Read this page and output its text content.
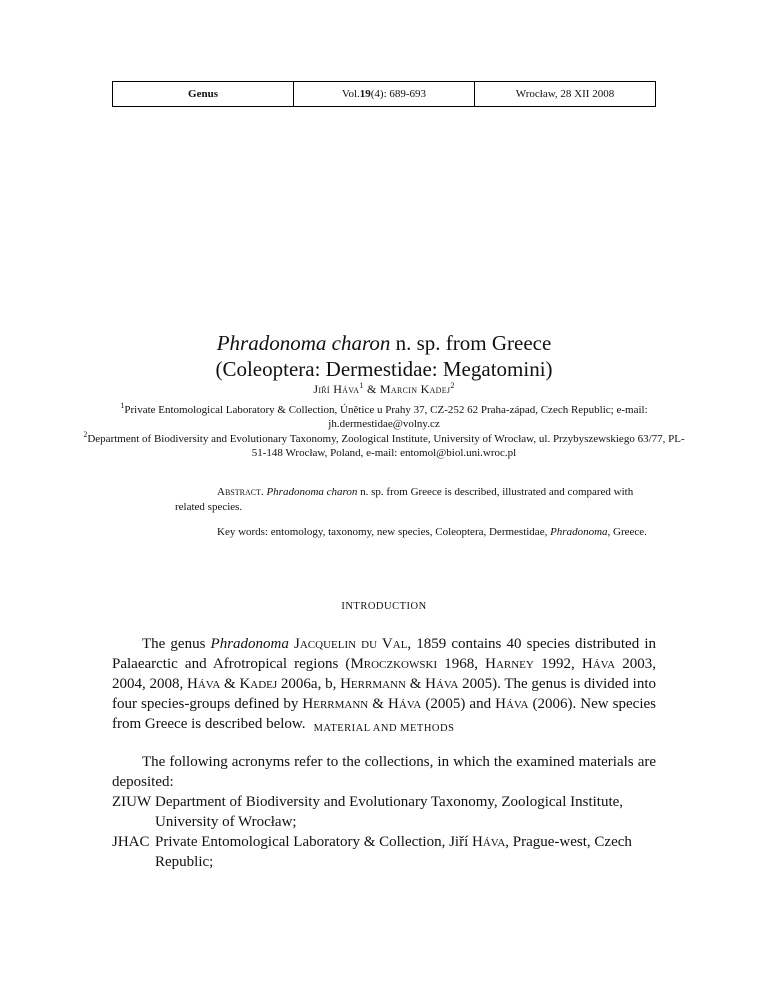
Genus	Vol. 19 (4): 689-693	Wrocław, 28 XII 2008
Phradonoma charon n. sp. from Greece
(Coleoptera: Dermestidae: Megatomini)
Jiří Háva$^1$ & Marcin Kadej$^2$
$^1$Private Entomological Laboratory & Collection, Únětice u Prahy 37, CZ-252 62 Praha-západ, Czech Republic; e-mail: jh.dermestidae@volny.cz
$^2$Department of Biodiversity and Evolutionary Taxonomy, Zoological Institute, University of Wrocław, ul. Przybyszewskiego 63/77, PL-51-148 Wrocław, Poland, e-mail: entomol@biol.uni.wroc.pl

Abstract. Phradonoma charon n. sp. from Greece is described, illustrated and compared with related species.

Key words: entomology, taxonomy, new species, Coleoptera, Dermestidae, Phradonoma, Greece.

INTRODUCTION

The genus Phradonoma Jacquelin du Val, 1859 contains 40 species distributed in Palaearctic and Afrotropical regions (Mroczkowski 1968, Harney 1992, Háva 2003, 2004, 2008, Háva & Kadej 2006a, b, Herrmann & Háva 2005). The genus is divided into four species-groups defined by Herrmann & Háva (2005) and Háva (2006). New species from Greece is described below. MATERIAL AND METHODS

The following acronyms refer to the collections, in which the examined materials are deposited:

ZIUW Department of Biodiversity and Evolutionary Taxonomy, Zoological Institute, University of Wrocław;
JHAC Private Entomological Laboratory & Collection, Jiří Háva, Prague-west, Czech Republic;
